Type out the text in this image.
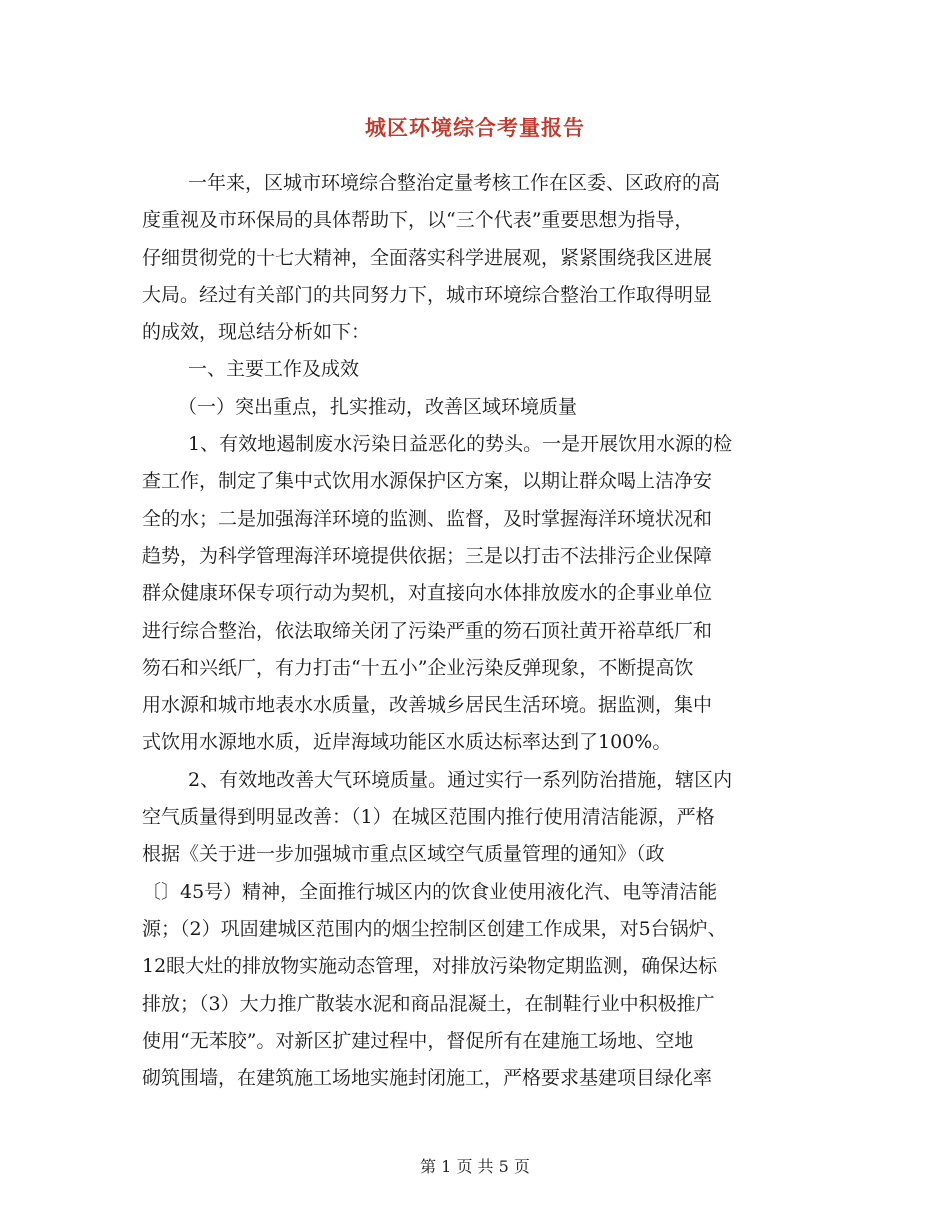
城区环境综合考量报告
一年来，区城市环境综合整治定量考核工作在区委、区政府的高
度重视及市环保局的具体帮助下，以“三个代表”重要思想为指导，
仔细贯彻党的十七大精神，全面落实科学进展观，紧紧围绕我区进展
大局。经过有关部门的共同努力下，城市环境综合整治工作取得明显
的成效，现总结分析如下：
一、主要工作及成效
（一）突出重点，扎实推动，改善区域环境质量
1、有效地遏制废水污染日益恶化的势头。一是开展饮用水源的检
查工作，制定了集中式饮用水源保护区方案，以期让群众喝上洁净安
全的水；二是加强海洋环境的监测、监督，及时掌握海洋环境状况和
趋势，为科学管理海洋环境提供依据；三是以打击不法排污企业保障
群众健康环保专项行动为契机，对直接向水体排放废水的企事业单位
进行综合整治，依法取缔关闭了污染严重的笏石顶社黄开裕草纸厂和
笏石和兴纸厂，有力打击“十五小”企业污染反弹现象，不断提高饮
用水源和城市地表水水质量，改善城乡居民生活环境。据监测，集中
式饮用水源地水质，近岸海域功能区水质达标率达到了100%。
2、有效地改善大气环境质量。通过实行一系列防治措施，辖区内
空气质量得到明显改善：（1）在城区范围内推行使用清洁能源，严格
根据《关于进一步加强城市重点区域空气质量管理的通知》（政
〔〕45号）精神，全面推行城区内的饮食业使用液化汽、电等清洁能
源；（2）巩固建城区范围内的烟尘控制区创建工作成果，对5台锅炉、
12眼大灶的排放物实施动态管理，对排放污染物定期监测，确保达标
排放；（3）大力推广散装水泥和商品混凝土，在制鞋行业中积极推广
使用“无苯胶”。对新区扩建过程中，督促所有在建施工场地、空地
砌筑围墙，在建筑施工场地实施封闭施工，严格要求基建项目绿化率
第 1 页 共 5 页
